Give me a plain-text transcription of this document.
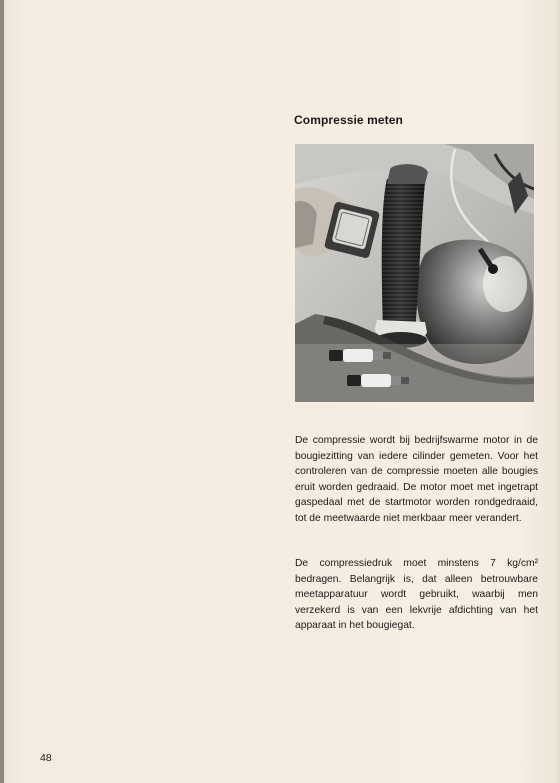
Compressie meten
De compressie wordt bij bedrijfswarme motor in de bougiezitting van iedere cilinder gemeten. Voor het controleren van de compressie moeten alle bougies eruit worden gedraaid. De motor moet met ingetrapt gaspedaal met de startmotor worden rondgedraaid, tot de meetwaarde niet merkbaar meer verandert.
De compressiedruk moet minstens 7 kg/cm² bedragen. Belangrijk is, dat alleen betrouwbare meetapparatuur wordt gebruikt, waarbij men verzekerd is van een lekvrije afdichting van het apparaat in het bougiegat.
48
